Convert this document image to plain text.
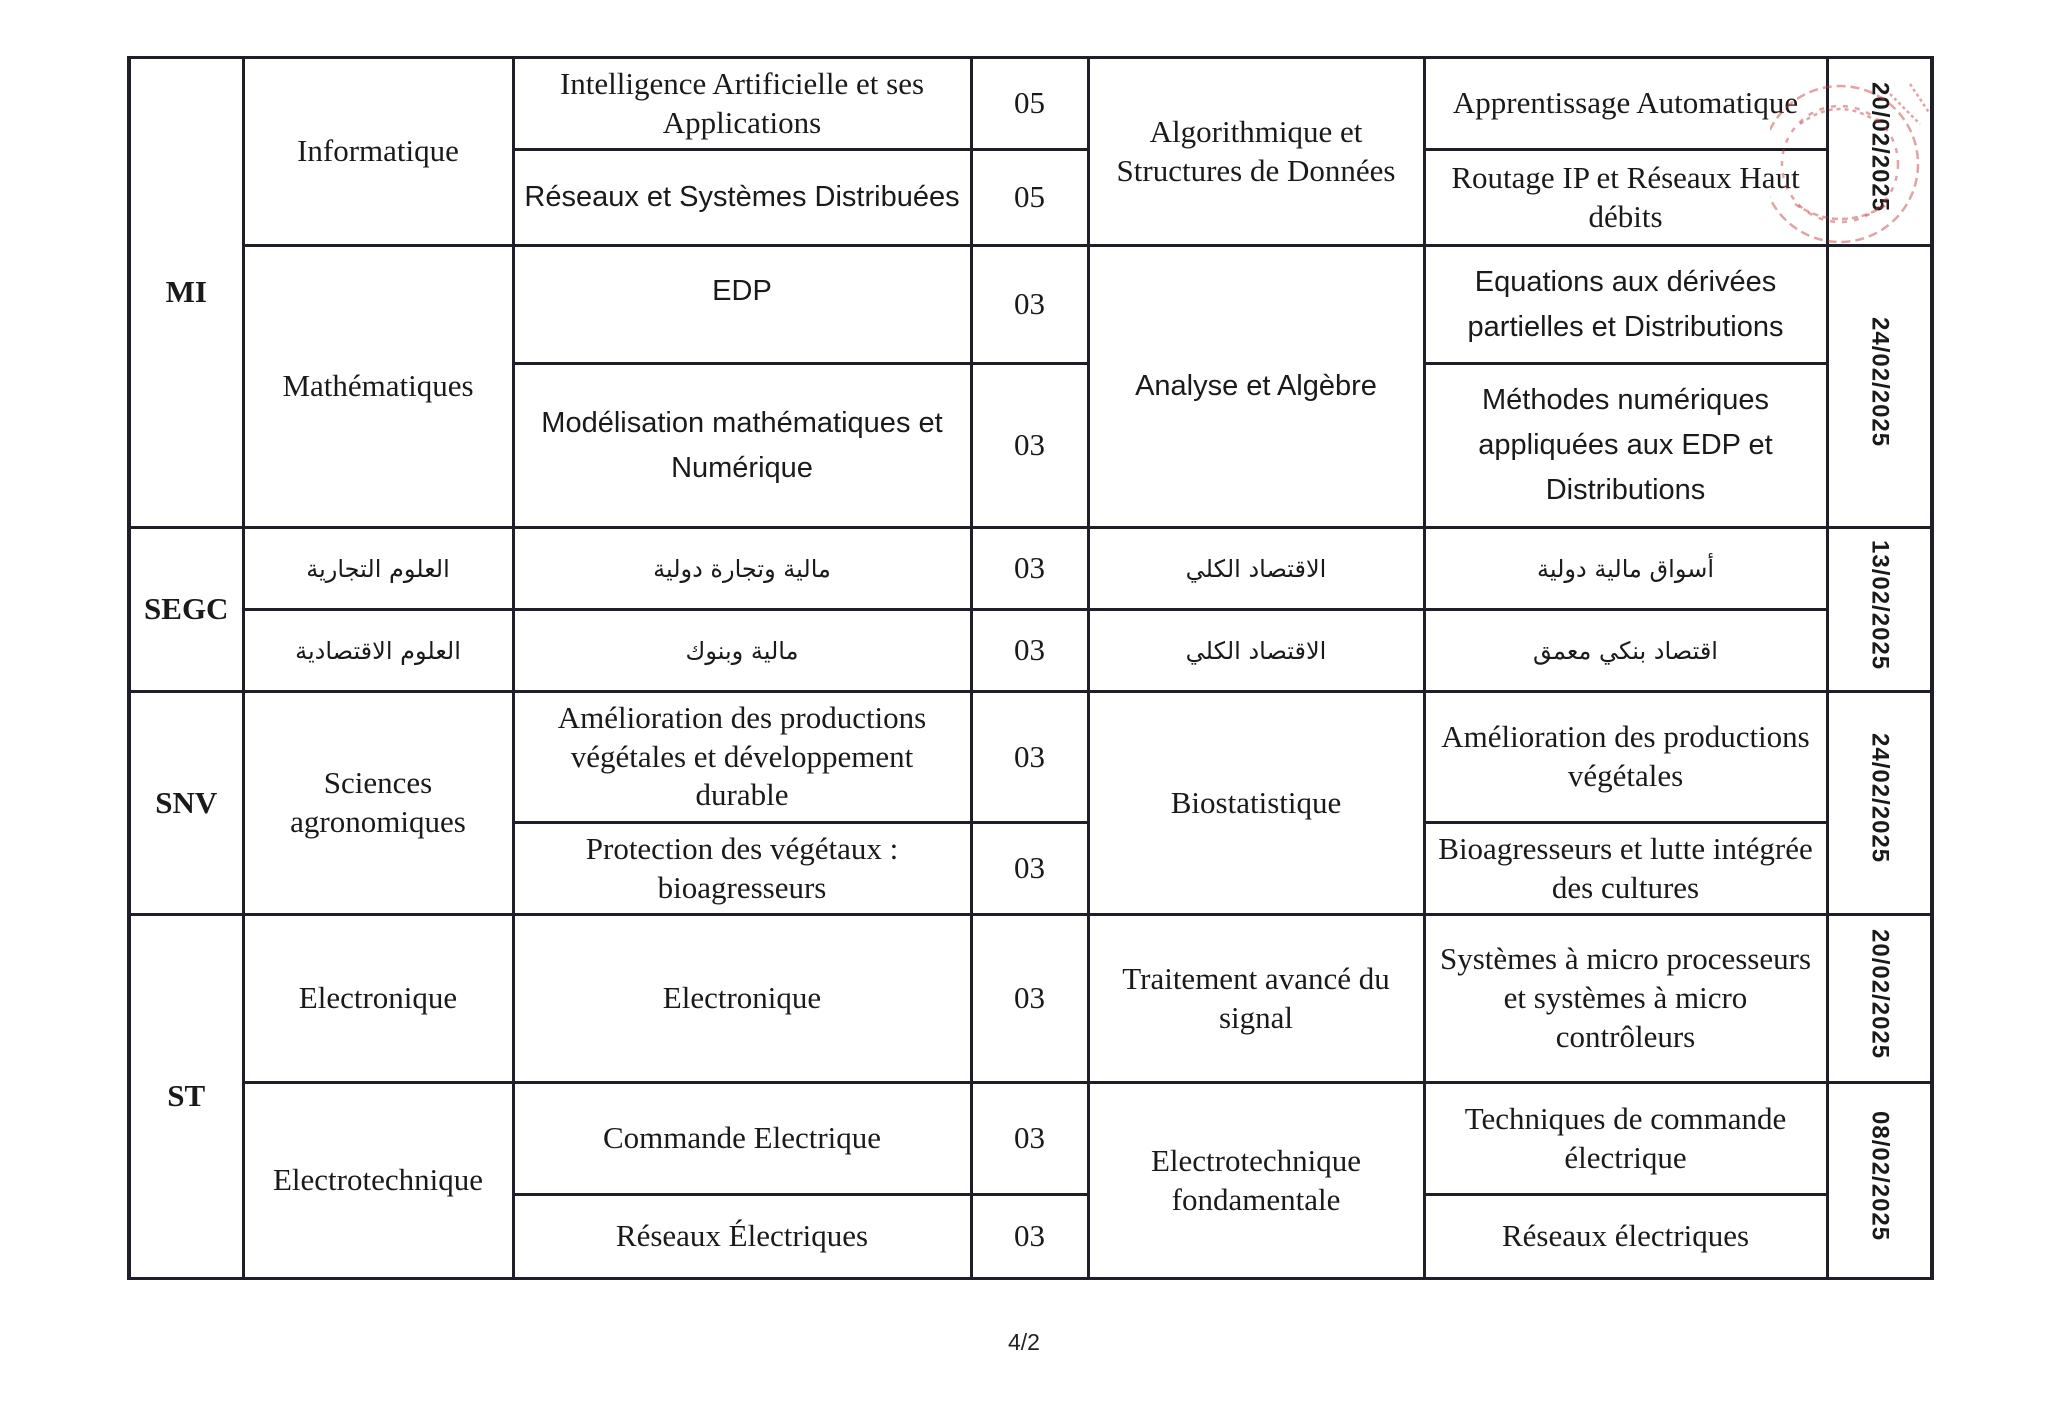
MI	Informatique	Intelligence Artificielle et ses Applications	05	Algorithmique et Structures de Données	Apprentissage Automatique	20/02/2025
		Réseaux et Systèmes Distribuées	05		Routage IP et Réseaux Haut débits	
	Mathématiques	EDP	03	Analyse et Algèbre	Equations aux dérivées partielles et Distributions	24/02/2025
		Modélisation mathématiques et Numérique	03		Méthodes numériques appliquées aux EDP et Distributions	

SEGC	العلوم التجارية	مالية وتجارة دولية	03	الاقتصاد الكلي	أسواق مالية دولية	13/02/2025
	العلوم الاقتصادية	مالية وبنوك	03	الاقتصاد الكلي	اقتصاد بنكي معمق	
SNV	Sciences agronomiques	Amélioration des productions végétales et développement durable	03	Biostatistique	Amélioration des productions végétales	24/02/2025
		Protection des végétaux : bioagresseurs	03		Bioagresseurs et lutte intégrée des cultures	
ST	Electronique	Electronique	03	Traitement avancé du signal	Systèmes à micro processeurs et systèmes à micro contrôleurs	20/02/2025
	Electrotechnique	Commande Electrique	03	Electrotechnique fondamentale	Techniques de commande électrique	08/02/2025
		Réseaux Électriques	03		Réseaux électriques	
4/2
